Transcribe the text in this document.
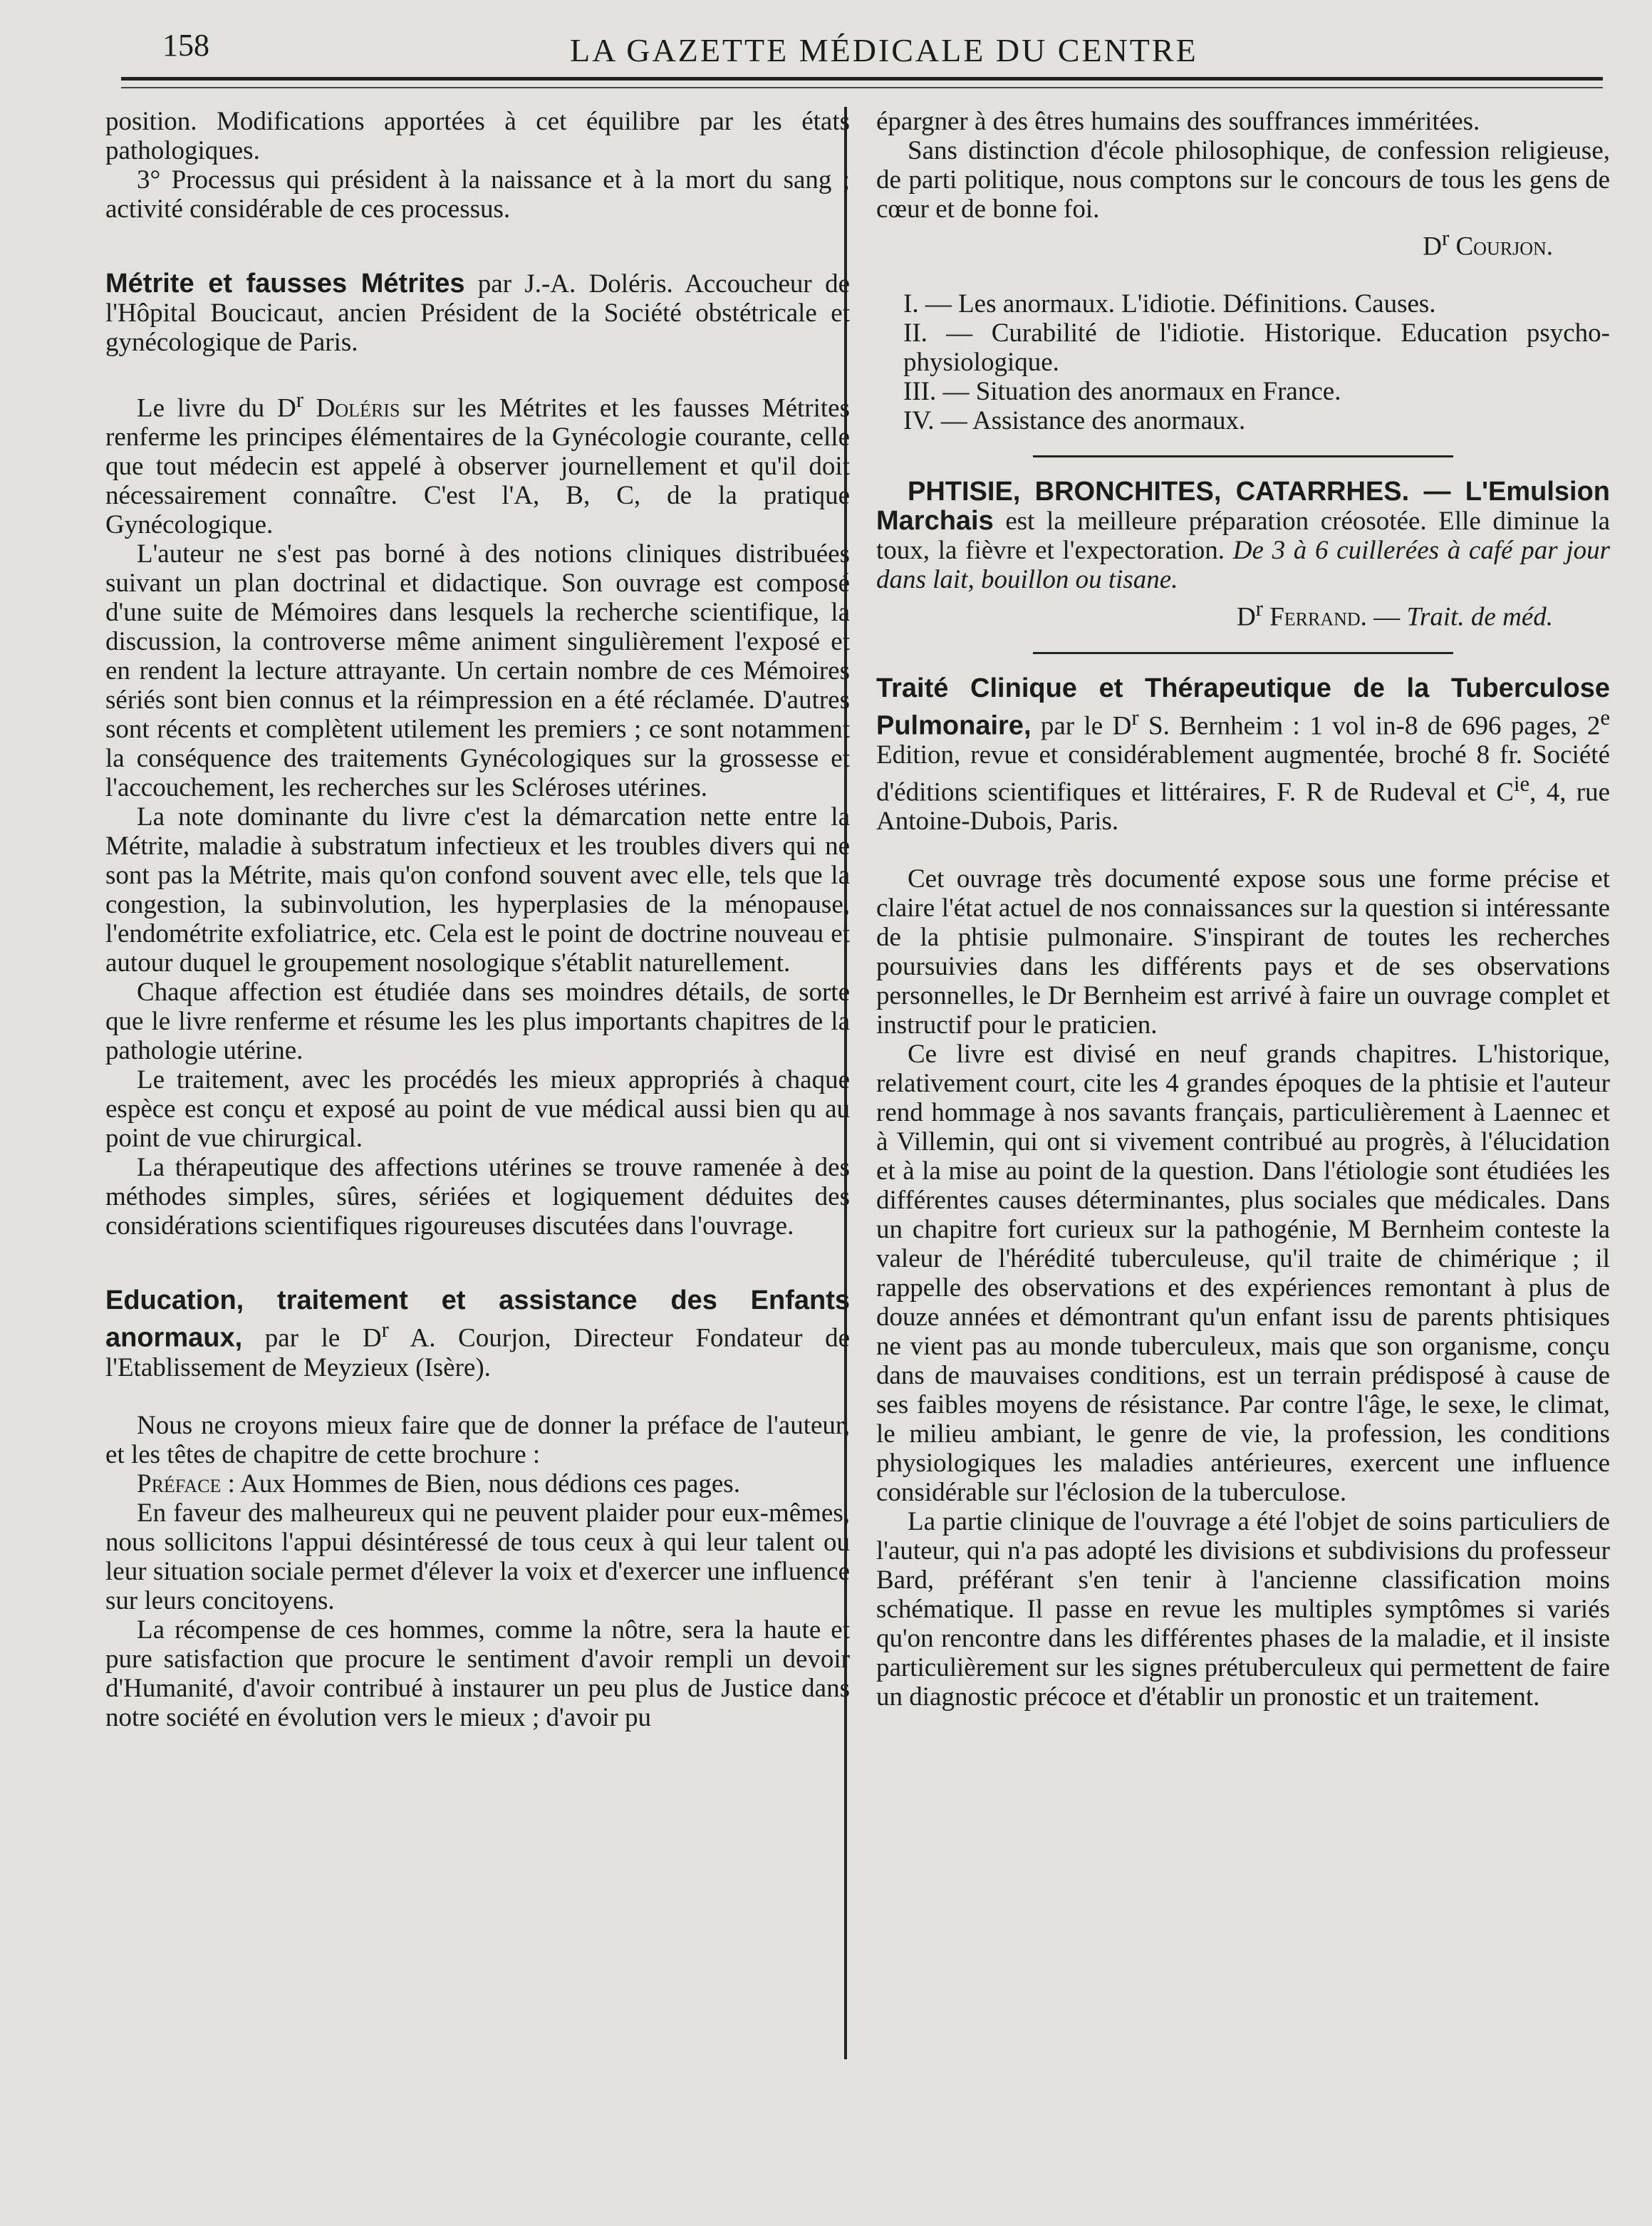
158	LA GAZETTE MÉDICALE DU CENTRE

position. Modifications apportées à cet équilibre par les états pathologiques.

3° Processus qui président à la naissance et à la mort du sang ; activité considérable de ces processus.

Métrite et fausses Métrites par J.-A. Doléris. Accoucheur de l'Hôpital Boucicaut, ancien Président de la Société obstétricale et gynécologique de Paris.

Le livre du $D^r$ Doléris sur les Métrites et les fausses Métrites renferme les principes élémentaires de la Gynécologie courante, celle que tout médecin est appelé à observer journellement et qu'il doit nécessairement connaître. C'est l'A, B, C, de la pratique Gynécologique.

L'auteur ne s'est pas borné à des notions cliniques distribuées suivant un plan doctrinal et didactique. Son ouvrage est composé d'une suite de Mémoires dans lesquels la recherche scientifique, la discussion, la controverse même animent singulièrement l'exposé et en rendent la lecture attrayante. Un certain nombre de ces Mémoires sériés sont bien connus et la réimpression en a été réclamée. D'autres sont récents et complètent utilement les premiers ; ce sont notamment la conséquence des traitements Gynécologiques sur la grossesse et l'accouchement, les recherches sur les Scléroses utérines.

La note dominante du livre c'est la démarcation nette entre la Métrite, maladie à substratum infectieux et les troubles divers qui ne sont pas la Métrite, mais qu'on confond souvent avec elle, tels que la congestion, la subinvolution, les hyperplasies de la ménopause, l'endométrite exfoliatrice, etc. Cela est le point de doctrine nouveau et autour duquel le groupement nosologique s'établit naturellement.

Chaque affection est étudiée dans ses moindres détails, de sorte que le livre renferme et résume les les plus importants chapitres de la pathologie utérine.

Le traitement, avec les procédés les mieux appropriés à chaque espèce est conçu et exposé au point de vue médical aussi bien qu au point de vue chirurgical.

La thérapeutique des affections utérines se trouve ramenée à des méthodes simples, sûres, sériées et logiquement déduites des considérations scientifiques rigoureuses discutées dans l'ouvrage.

Education, traitement et assistance des Enfants anormaux, par le $D^r$ A. Courjon, Directeur Fondateur de l'Etablissement de Meyzieux (Isère).

Nous ne croyons mieux faire que de donner la préface de l'auteur, et les têtes de chapitre de cette brochure :

Préface : Aux Hommes de Bien, nous dédions ces pages.

En faveur des malheureux qui ne peuvent plaider pour eux-mêmes, nous sollicitons l'appui désintéressé de tous ceux à qui leur talent ou leur situation sociale permet d'élever la voix et d'exercer une influence sur leurs concitoyens.

La récompense de ces hommes, comme la nôtre, sera la haute et pure satisfaction que procure le sentiment d'avoir rempli un devoir d'Humanité, d'avoir contribué à instaurer un peu plus de Justice dans notre société en évolution vers le mieux ; d'avoir pu

épargner à des êtres humains des souffrances imméritées.

Sans distinction d'école philosophique, de confession religieuse, de parti politique, nous comptons sur le concours de tous les gens de cœur et de bonne foi.

$D^r$ Courjon.

I. — Les anormaux. L'idiotie. Définitions. Causes.

II. — Curabilité de l'idiotie. Historique. Education psycho-physiologique.

III. — Situation des anormaux en France.

IV. — Assistance des anormaux.

PHTISIE, BRONCHITES, CATARRHES. — L'Emulsion Marchais est la meilleure préparation créosotée. Elle diminue la toux, la fièvre et l'expectoration. De 3 à 6 cuillerées à café par jour dans lait, bouillon ou tisane.

$D^r$ Ferrand. — Trait. de méd.

Traité Clinique et Thérapeutique de la Tuberculose Pulmonaire, par le $D^r$ S. Bernheim : 1 vol in-8 de 696 pages, 2e Edition, revue et considérablement augmentée, broché 8 fr. Société d'éditions scientifiques et littéraires, F. R de Rudeval et $C^{ie}$, 4, rue Antoine-Dubois, Paris.

Cet ouvrage très documenté expose sous une forme précise et claire l'état actuel de nos connaissances sur la question si intéressante de la phtisie pulmonaire. S'inspirant de toutes les recherches poursuivies dans les différents pays et de ses observations personnelles, le Dr Bernheim est arrivé à faire un ouvrage complet et instructif pour le praticien.

Ce livre est divisé en neuf grands chapitres. L'historique, relativement court, cite les 4 grandes époques de la phtisie et l'auteur rend hommage à nos savants français, particulièrement à Laennec et à Villemin, qui ont si vivement contribué au progrès, à l'élucidation et à la mise au point de la question. Dans l'étiologie sont étudiées les différentes causes déterminantes, plus sociales que médicales. Dans un chapitre fort curieux sur la pathogénie, M Bernheim conteste la valeur de l'hérédité tuberculeuse, qu'il traite de chimérique ; il rappelle des observations et des expériences remontant à plus de douze années et démontrant qu'un enfant issu de parents phtisiques ne vient pas au monde tuberculeux, mais que son organisme, conçu dans de mauvaises conditions, est un terrain prédisposé à cause de ses faibles moyens de résistance. Par contre l'âge, le sexe, le climat, le milieu ambiant, le genre de vie, la profession, les conditions physiologiques les maladies antérieures, exercent une influence considérable sur l'éclosion de la tuberculose.

La partie clinique de l'ouvrage a été l'objet de soins particuliers de l'auteur, qui n'a pas adopté les divisions et subdivisions du professeur Bard, préférant s'en tenir à l'ancienne classification moins schématique. Il passe en revue les multiples symptômes si variés qu'on rencontre dans les différentes phases de la maladie, et il insiste particulièrement sur les signes prétuberculeux qui permettent de faire un diagnostic précoce et d'établir un pronostic et un traitement.
